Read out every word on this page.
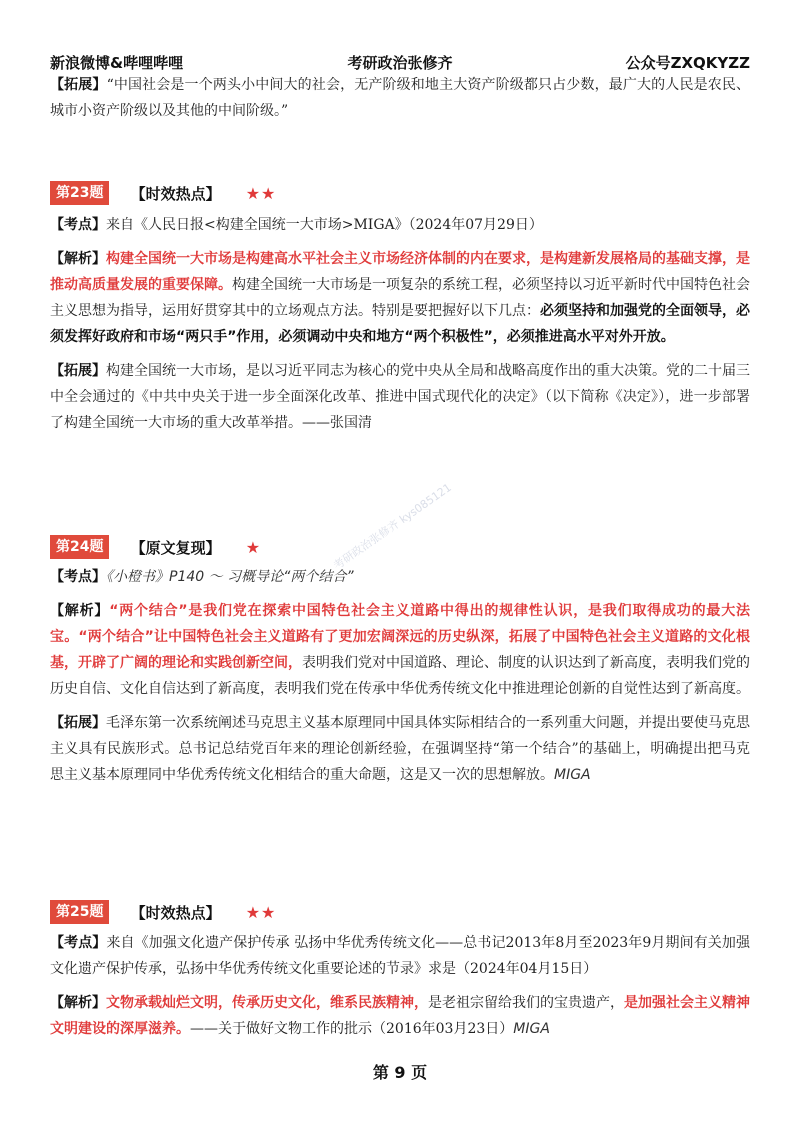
新浪微博&哔哩哔哩	考研政治张修齐	公众号ZXQKYZZ

【拓展】“中国社会是一个两头小中间大的社会，无产阶级和地主大资产阶级都只占少数，最广大的人民是农民、城市小资产阶级以及其他的中间阶级。”

第23题 【时效热点】 ★★

【考点】来自《人民日报<构建全国统一大市场>MIGA》（2024年07月29日）

【解析】构建全国统一大市场是构建高水平社会主义市场经济体制的内在要求，是构建新发展格局的基础支撑，是推动高质量发展的重要保障。构建全国统一大市场是一项复杂的系统工程，必须坚持以习近平新时代中国特色社会主义思想为指导，运用好贯穿其中的立场观点方法。特别是要把握好以下几点：必须坚持和加强党的全面领导，必须发挥好政府和市场“两只手”作用，必须调动中央和地方“两个积极性”，必须推进高水平对外开放。

【拓展】构建全国统一大市场，是以习近平同志为核心的党中央从全局和战略高度作出的重大决策。党的二十届三中全会通过的《中共中央关于进一步全面深化改革、推进中国式现代化的决定》（以下简称《决定》），进一步部署了构建全国统一大市场的重大改革举措。——张国清

第24题 【原文复现】 ★

【考点】《小橙书》P140 ～ 习概导论“两个结合”

【解析】“两个结合”是我们党在探索中国特色社会主义道路中得出的规律性认识，是我们取得成功的最大法宝。“两个结合”让中国特色社会主义道路有了更加宏阔深远的历史纵深，拓展了中国特色社会主义道路的文化根基，开辟了广阔的理论和实践创新空间，表明我们党对中国道路、理论、制度的认识达到了新高度，表明我们党的历史自信、文化自信达到了新高度，表明我们党在传承中华优秀传统文化中推进理论创新的自觉性达到了新高度。

【拓展】毛泽东第一次系统阐述马克思主义基本原理同中国具体实际相结合的一系列重大问题，并提出要使马克思主义具有民族形式。总书记总结党百年来的理论创新经验，在强调坚持“第一个结合”的基础上，明确提出把马克思主义基本原理同中华优秀传统文化相结合的重大命题，这是又一次的思想解放。MIGA

第25题 【时效热点】 ★★

【考点】来自《加强文化遗产保护传承 弘扬中华优秀传统文化——总书记2013年8月至2023年9月期间有关加强文化遗产保护传承，弘扬中华优秀传统文化重要论述的节录》求是（2024年04月15日）

【解析】文物承载灿烂文明，传承历史文化，维系民族精神，是老祖宗留给我们的宝贵遗产，是加强社会主义精神文明建设的深厚滋养。——关于做好文物工作的批示（2016年03月23日）MIGA

考研政治张修齐 kys085121
第 9 页
